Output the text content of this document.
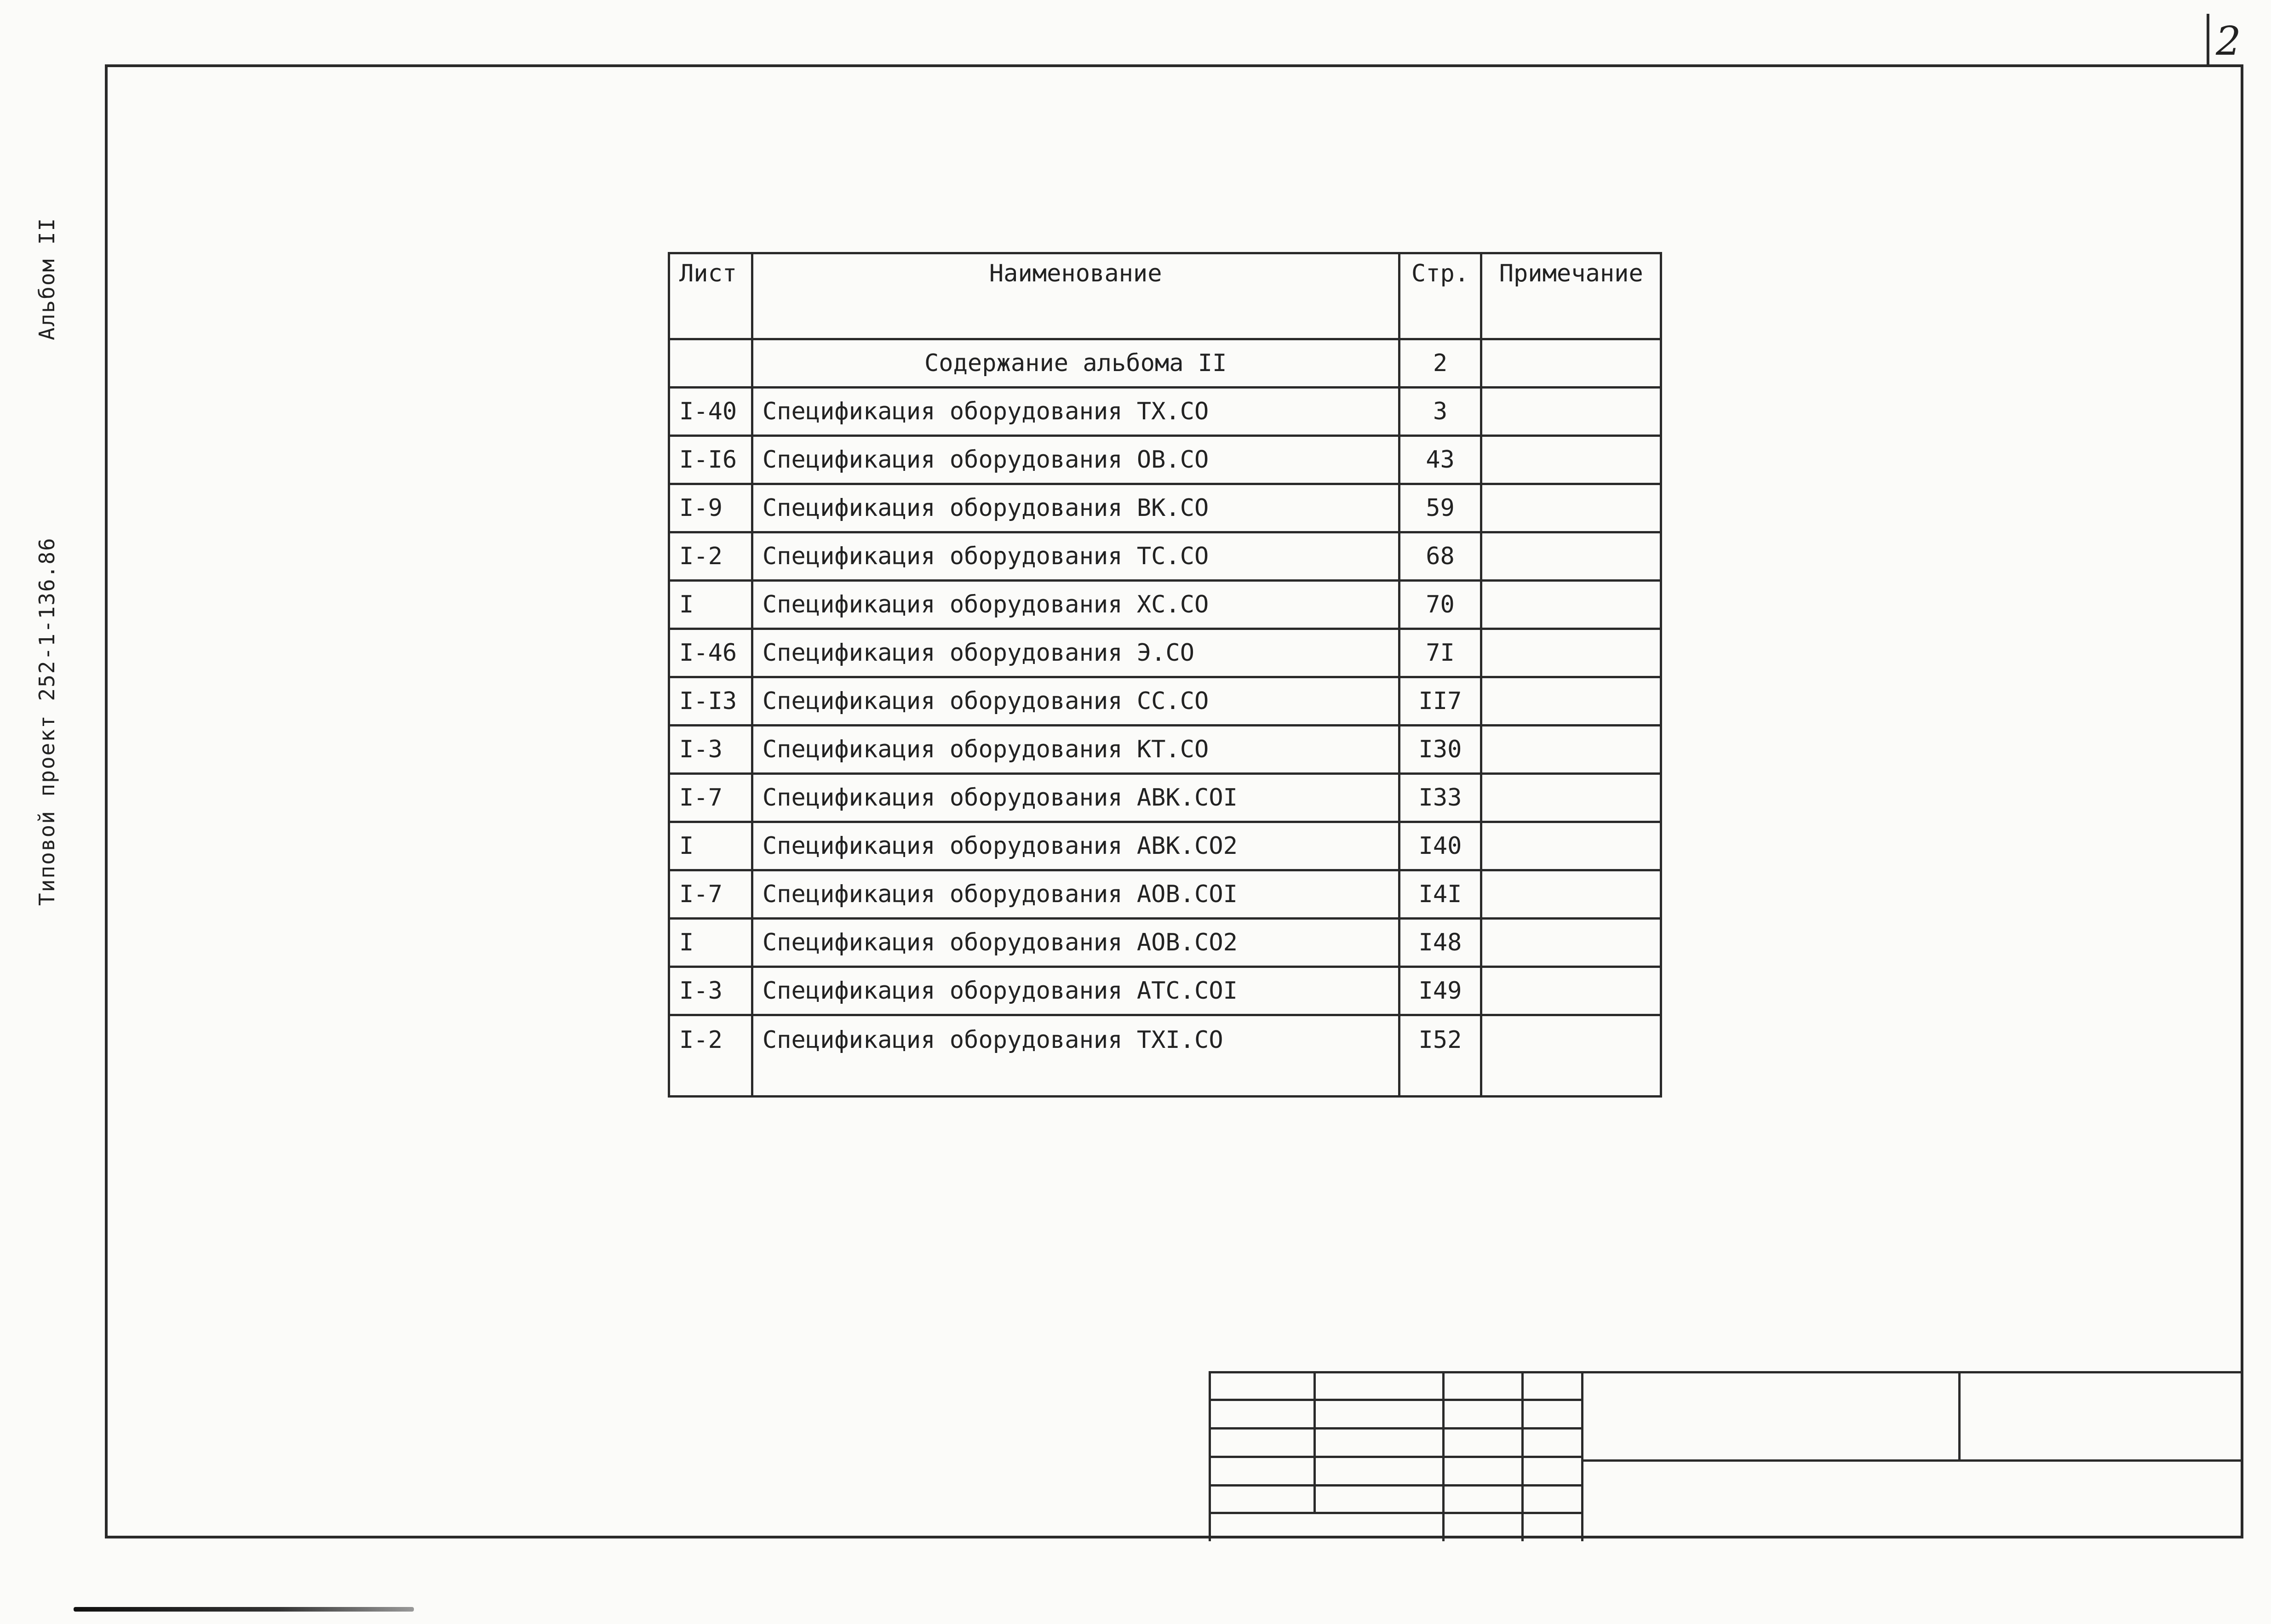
2
Альбом II
Типовой проект 252-1-136.86
Лист	Наименование	Стр.	Примечание
	Содержание альбома II	2	
I-40	Спецификация оборудования ТХ.СО	3	
I-I6	Спецификация оборудования ОВ.СО	43	
I-9	Спецификация оборудования ВК.СО	59	
I-2	Спецификация оборудования ТС.СО	68	
I	Спецификация оборудования ХС.СО	70	
I-46	Спецификация оборудования Э.СО	7I	
I-I3	Спецификация оборудования СС.СО	II7	
I-3	Спецификация оборудования КТ.СО	I30	
I-7	Спецификация оборудования АВК.СОI	I33	
I	Спецификация оборудования АВК.СО2	I40	
I-7	Спецификация оборудования АОВ.СОI	I4I	
I	Спецификация оборудования АОВ.СО2	I48	
I-3	Спецификация оборудования АТС.СОI	I49	
I-2	Спецификация оборудования ТХI.СО	I52	
